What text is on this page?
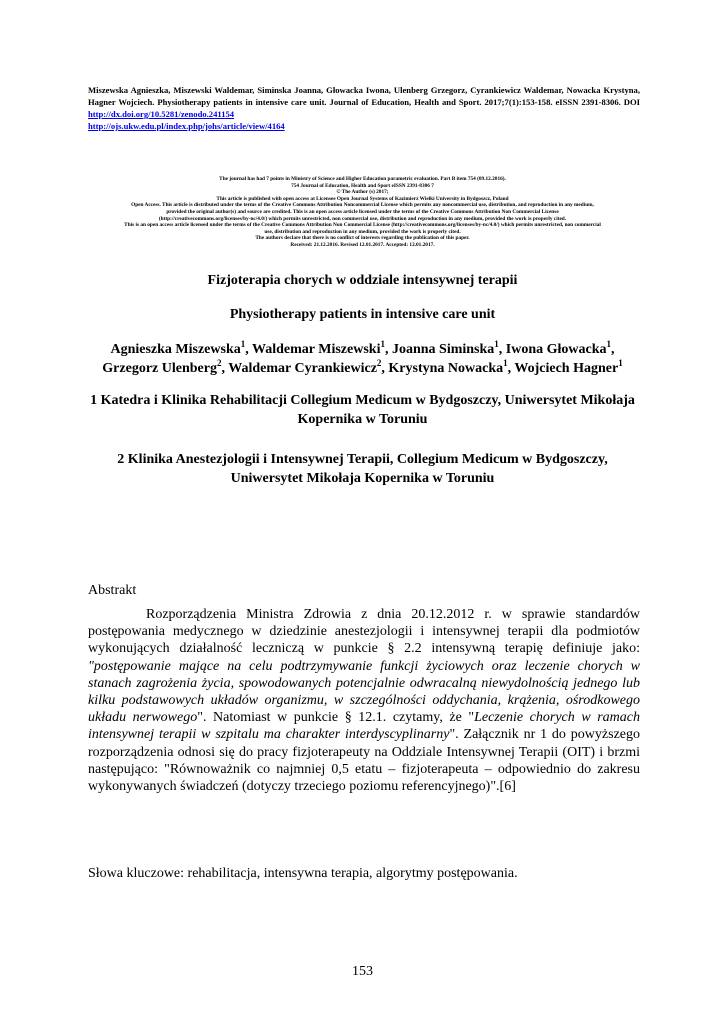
Miszewska Agnieszka, Miszewski Waldemar, Siminska Joanna, Głowacka Iwona, Ulenberg Grzegorz, Cyrankiewicz Waldemar, Nowacka Krystyna, Hagner Wojciech. Physiotherapy patients in intensive care unit. Journal of Education, Health and Sport. 2017;7(1):153-158. eISSN 2391-8306. DOI http://dx.doi.org/10.5281/zenodo.241154
http://ojs.ukw.edu.pl/index.php/johs/article/view/4164
The journal has had 7 points in Ministry of Science and Higher Education parametric evaluation. Part B item 754 (09.12.2016).
754 Journal of Education, Health and Sport eISSN 2391-8306 7
© The Author (s) 2017;
This article is published with open access at Licensee Open Journal Systems of Kazimierz Wielki University in Bydgoszcz, Poland
Open Access. This article is distributed under the terms of the Creative Commons Attribution Noncommercial License which permits any noncommercial use, distribution, and reproduction in any medium,
provided the original author(s) and source are credited. This is an open access article licensed under the terms of the Creative Commons Attribution Non Commercial License
(http://creativecommons.org/licenses/by-nc/4.0/) which permits unrestricted, non commercial use, distribution and reproduction in any medium, provided the work is properly cited.
This is an open access article licensed under the terms of the Creative Commons Attribution Non Commercial License (http://creativecommons.org/licenses/by-nc/4.0/) which permits unrestricted, non commercial
use, distribution and reproduction in any medium, provided the work is properly cited.
The authors declare that there is no conflict of interests regarding the publication of this paper.
Received: 21.12.2016. Revised 12.01.2017. Accepted: 12.01.2017.
Fizjoterapia chorych w oddziale intensywnej terapii
Physiotherapy patients in intensive care unit
Agnieszka Miszewska$^1$, Waldemar Miszewski$^1$, Joanna Siminska$^1$, Iwona Głowacka$^1$,
Grzegorz Ulenberg$^2$, Waldemar Cyrankiewicz$^2$, Krystyna Nowacka$^1$, Wojciech Hagner$^1$
1 Katedra i Klinika Rehabilitacji Collegium Medicum w Bydgoszczy, Uniwersytet Mikołaja Kopernika w Toruniu
2 Klinika Anestezjologii i Intensywnej Terapii, Collegium Medicum w Bydgoszczy, Uniwersytet Mikołaja Kopernika w Toruniu
Abstrakt
Rozporządzenia Ministra Zdrowia z dnia 20.12.2012 r. w sprawie standardów postępowania medycznego w dziedzinie anestezjologii i intensywnej terapii dla podmiotów wykonujących działalność leczniczą w punkcie § 2.2 intensywną terapię definiuje jako: "postępowanie mające na celu podtrzymywanie funkcji życiowych oraz leczenie chorych w stanach zagrożenia życia, spowodowanych potencjalnie odwracalną niewydolnością jednego lub kilku podstawowych układów organizmu, w szczególności oddychania, krążenia, ośrodkowego układu nerwowego". Natomiast w punkcie § 12.1. czytamy, że "Leczenie chorych w ramach intensywnej terapii w szpitalu ma charakter interdyscyplinarny". Załącznik nr 1 do powyższego rozporządzenia odnosi się do pracy fizjoterapeuty na Oddziale Intensywnej Terapii (OIT) i brzmi następująco: "Równoważnik co najmniej 0,5 etatu – fizjoterapeuta – odpowiednio do zakresu wykonywanych świadczeń (dotyczy trzeciego poziomu referencyjnego)".[6]
Słowa kluczowe: rehabilitacja, intensywna terapia, algorytmy postępowania.
153
